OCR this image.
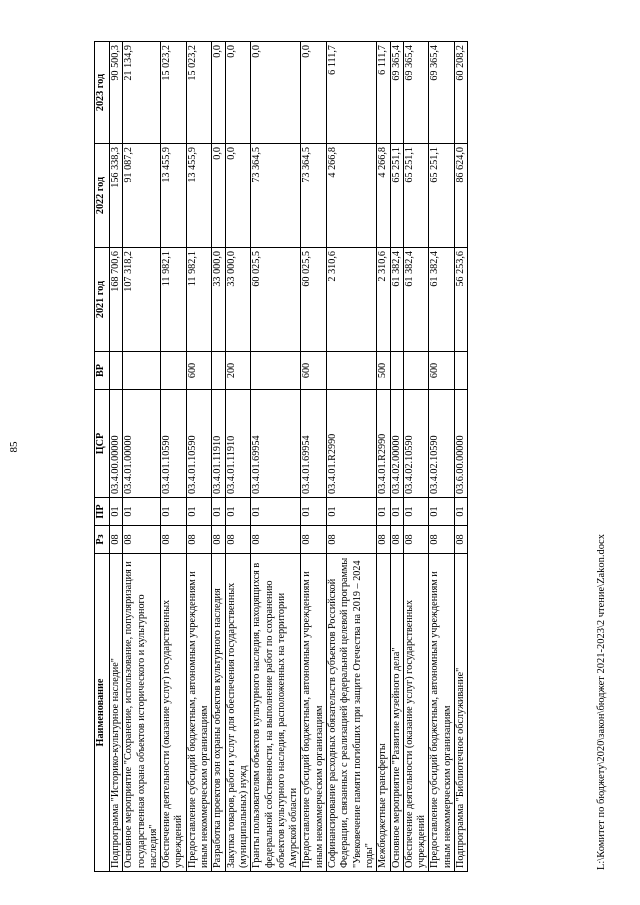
85
Наименование	Рз	ПР	ЦСР	ВР	2021 год	2022 год	2023 год
Подпрограмма "Историко-культурное наследие"	08	01	03.4.00.00000		168 700,6	156 338,3	90 500,3
Основное мероприятие "Сохранение, использование, популяризация и государственная охрана объектов исторического и культурного наследия"	08	01	03.4.01.00000		107 318,2	91 087,2	21 134,9
Обеспечение деятельности (оказание услуг) государственных учреждений	08	01	03.4.01.10590		11 982,1	13 455,9	15 023,2
Предоставление субсидий бюджетным, автономным учреждениям и иным некоммерческим организациям	08	01	03.4.01.10590	600	11 982,1	13 455,9	15 023,2
Разработка проектов зон охраны объектов культурного наследия	08	01	03.4.01.11910		33 000,0	0,0	0,0
Закупка товаров, работ и услуг для обеспечения государственных (муниципальных) нужд	08	01	03.4.01.11910	200	33 000,0	0,0	0,0
Гранты пользователям объектов культурного наследия, находящихся в федеральной собственности, на выполнение работ по сохранению объектов культурного наследия, расположенных на территории Амурской области	08	01	03.4.01.69954		60 025,5	73 364,5	0,0
Предоставление субсидий бюджетным, автономным учреждениям и иным некоммерческим организациям	08	01	03.4.01.69954	600	60 025,5	73 364,5	0,0
Софинансирование расходных обязательств субъектов Российской Федерации, связанных с реализацией федеральной целевой программы "Увековечение памяти погибших при защите Отечества на 2019 – 2024 годы"	08	01	03.4.01.R2990		2 310,6	4 266,8	6 111,7
Межбюджетные трансферты	08	01	03.4.01.R2990	500	2 310,6	4 266,8	6 111,7
Основное мероприятие "Развитие музейного дела"	08	01	03.4.02.00000		61 382,4	65 251,1	69 365,4
Обеспечение деятельности (оказание услуг) государственных учреждений	08	01	03.4.02.10590		61 382,4	65 251,1	69 365,4
Предоставление субсидий бюджетным, автономным учреждениям и иным некоммерческим организациям	08	01	03.4.02.10590	600	61 382,4	65 251,1	69 365,4
Подпрограмма "Библиотечное обслуживание"	08	01	03.6.00.00000		56 253,6	86 624,0	60 208,2
L:\Комитет по бюджету\2020\закон\бюджет 2021-2023\2 чтение\Zakon.docx
